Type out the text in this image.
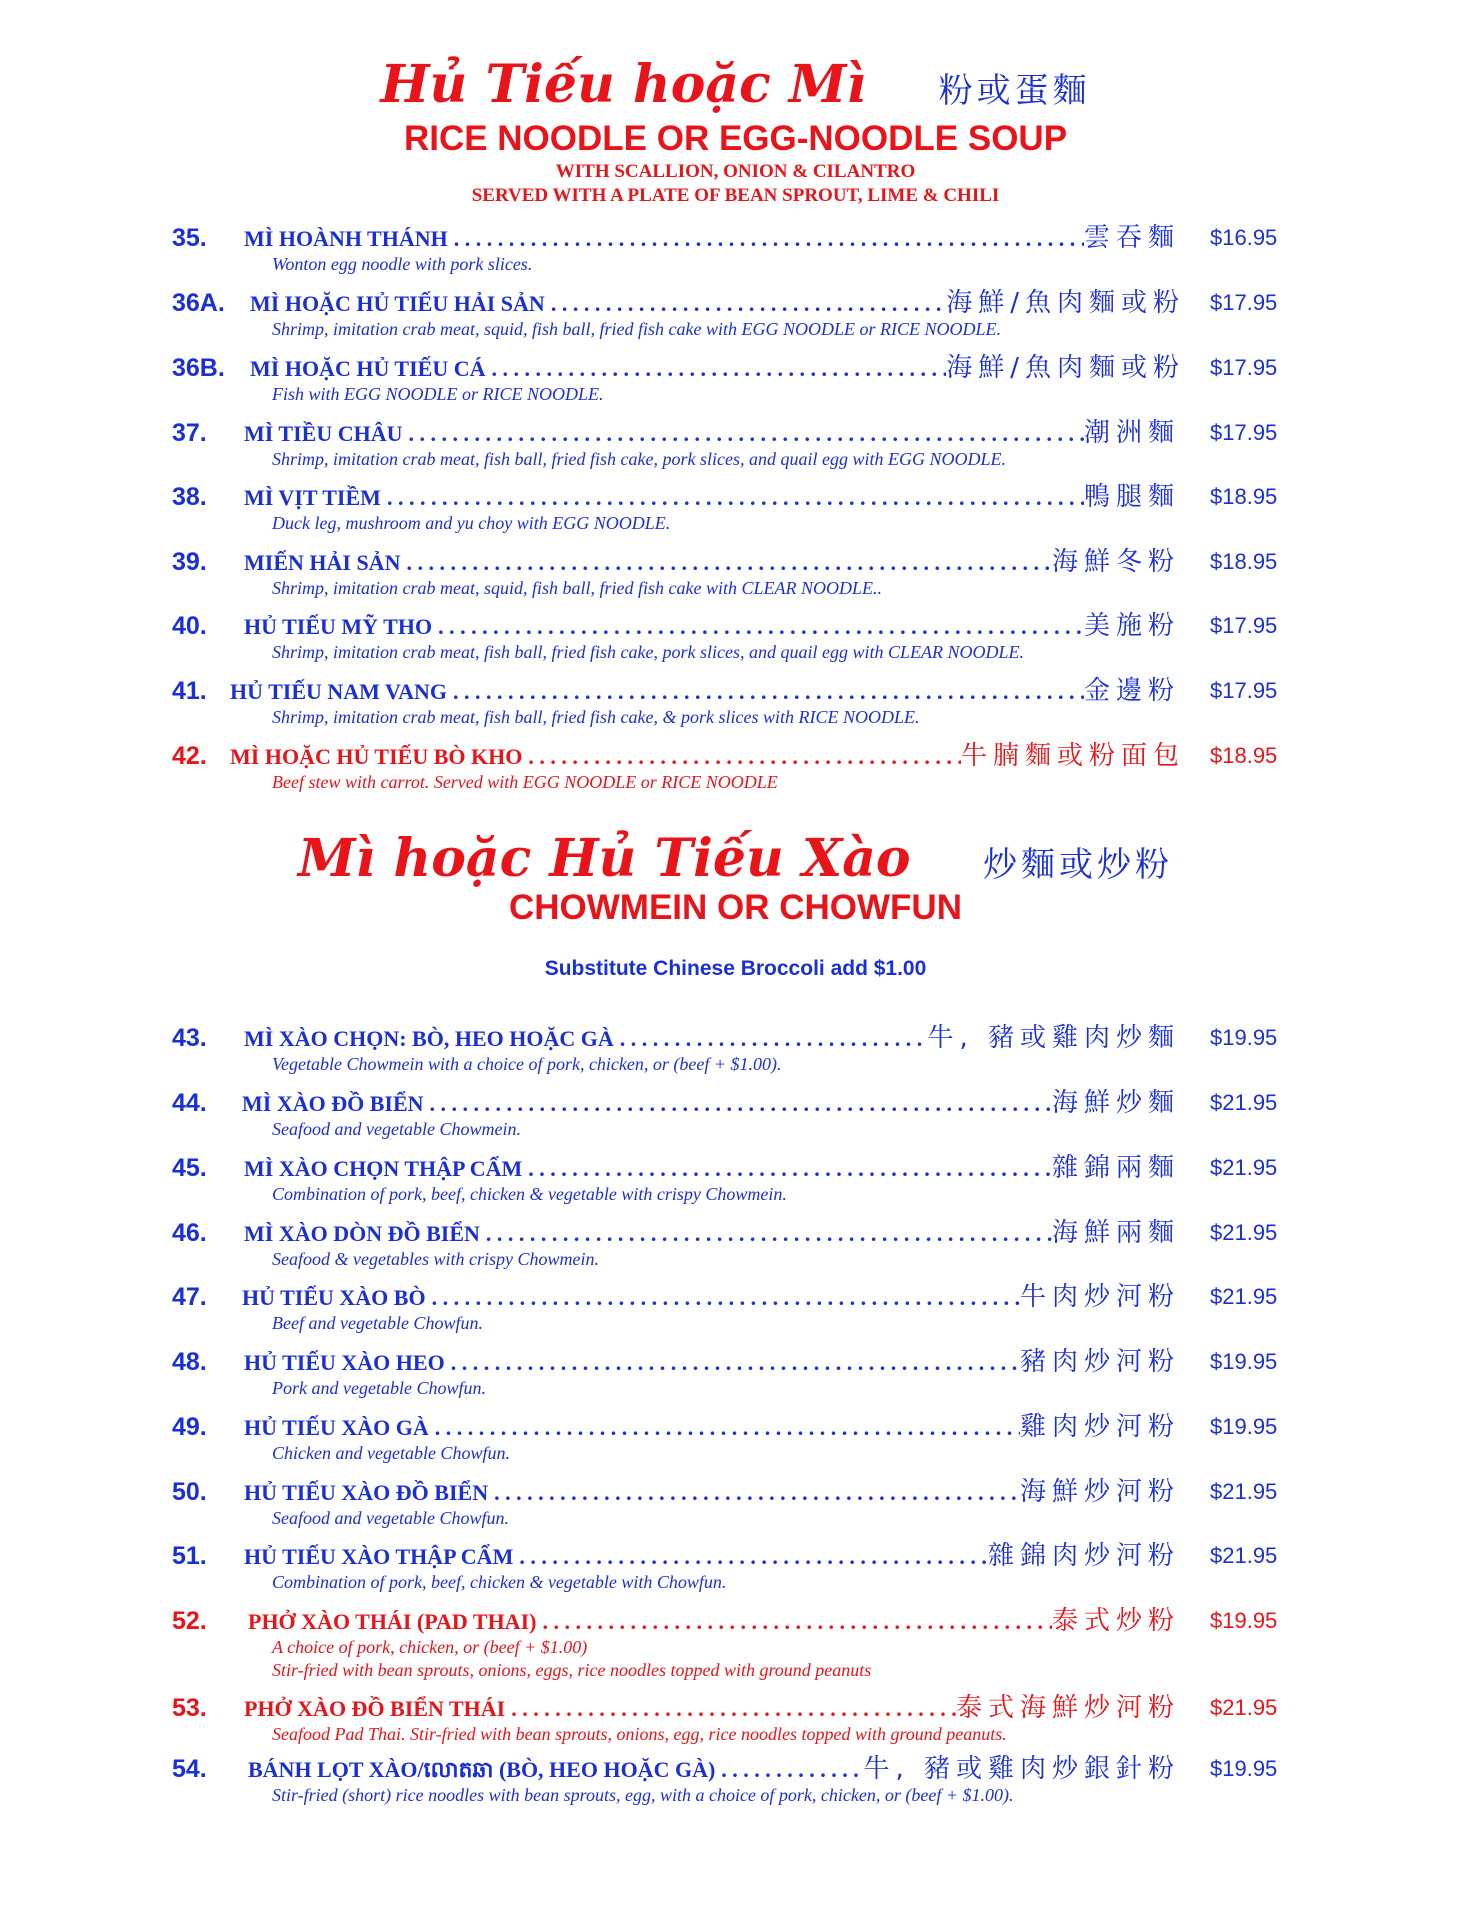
Hủ Tiếu hoặc Mì 粉或蛋麵
RICE NOODLE OR EGG-NOODLE SOUP
WITH SCALLION, ONION & CILANTRO
SERVED WITH A PLATE OF BEAN SPROUT, LIME & CHILI
35. MÌ HOÀNH THÁNH . . .	雲吞麵 $16.95
Wonton egg noodle with pork slices.
36A. MÌ HOẶC HỦ TIẾU HẢI SẢN . . .	海鮮/魚肉麵或粉 $17.95
Shrimp, imitation crab meat, squid, fish ball, fried fish cake with EGG NOODLE or RICE NOODLE.
36B. MÌ HOẶC HỦ TIẾU CÁ . . .	海鮮/魚肉麵或粉 $17.95
Fish with EGG NOODLE or RICE NOODLE.
37. MÌ TIỀU CHÂU . . .	潮洲麵 $17.95
Shrimp, imitation crab meat, fish ball, fried fish cake, pork slices, and quail egg with EGG NOODLE.
38. MÌ VỊT TIỀM . . .	鴨腿麵 $18.95
Duck leg, mushroom and yu choy with EGG NOODLE.
39. MIẾN HẢI SẢN . . .	海鮮冬粉 $18.95
Shrimp, imitation crab meat, squid, fish ball, fried fish cake with CLEAR NOODLE..
40. HỦ TIẾU MỸ THO . . .	美施粉 $17.95
Shrimp, imitation crab meat, fish ball, fried fish cake, pork slices, and quail egg with CLEAR NOODLE.
41. HỦ TIẾU NAM VANG . . .	金邊粉 $17.95
Shrimp, imitation crab meat, fish ball, fried fish cake, & pork slices with RICE NOODLE.
42. MÌ HOẶC HỦ TIẾU BÒ KHO . . .	牛腩麵或粉面包 $18.95
Beef stew with carrot. Served with EGG NOODLE or RICE NOODLE
Mì hoặc Hủ Tiếu Xào 炒麵或炒粉
CHOWMEIN OR CHOWFUN
Substitute Chinese Broccoli add $1.00
43. MÌ XÀO CHỌN: BÒ, HEO HOẶC GÀ . . .	牛, 豬或雞肉炒麵 $19.95
Vegetable Chowmein with a choice of pork, chicken, or (beef + $1.00).
44. MÌ XÀO ĐỒ BIỂN . . .	海鮮炒麵 $21.95
Seafood and vegetable Chowmein.
45. MÌ XÀO CHỌN THẬP CẨM . . .	雜錦兩麵 $21.95
Combination of pork, beef, chicken & vegetable with crispy Chowmein.
46. MÌ XÀO DÒN ĐỒ BIỂN . . .	海鮮兩麵 $21.95
Seafood & vegetables with crispy Chowmein.
47. HỦ TIẾU XÀO BÒ . . .	牛肉炒河粉 $21.95
Beef and vegetable Chowfun.
48. HỦ TIẾU XÀO HEO . . .	豬肉炒河粉 $19.95
Pork and vegetable Chowfun.
49. HỦ TIẾU XÀO GÀ . . .	雞肉炒河粉 $19.95
Chicken and vegetable Chowfun.
50. HỦ TIẾU XÀO ĐỒ BIỂN . . .	海鮮炒河粉 $21.95
Seafood and vegetable Chowfun.
51. HỦ TIẾU XÀO THẬP CẨM . . .	雜錦肉炒河粉 $21.95
Combination of pork, beef, chicken & vegetable with Chowfun.
52. PHỞ XÀO THÁI (PAD THAI) . . .	泰式炒粉 $19.95
A choice of pork, chicken, or (beef + $1.00)
Stir-fried with bean sprouts, onions, eggs, rice noodles topped with ground peanuts
53. PHỞ XÀO ĐỒ BIỂN THÁI . . .	泰式海鮮炒河粉 $21.95
Seafood Pad Thai. Stir-fried with bean sprouts, onions, egg, rice noodles topped with ground peanuts.
54. BÁNH LỌT XÀO/លោតឆា (BÒ, HEO HOẶC GÀ) . . .	牛, 豬或雞肉炒銀針粉 $19.95
Stir-fried (short) rice noodles with bean sprouts, egg, with a choice of pork, chicken, or (beef + $1.00).
